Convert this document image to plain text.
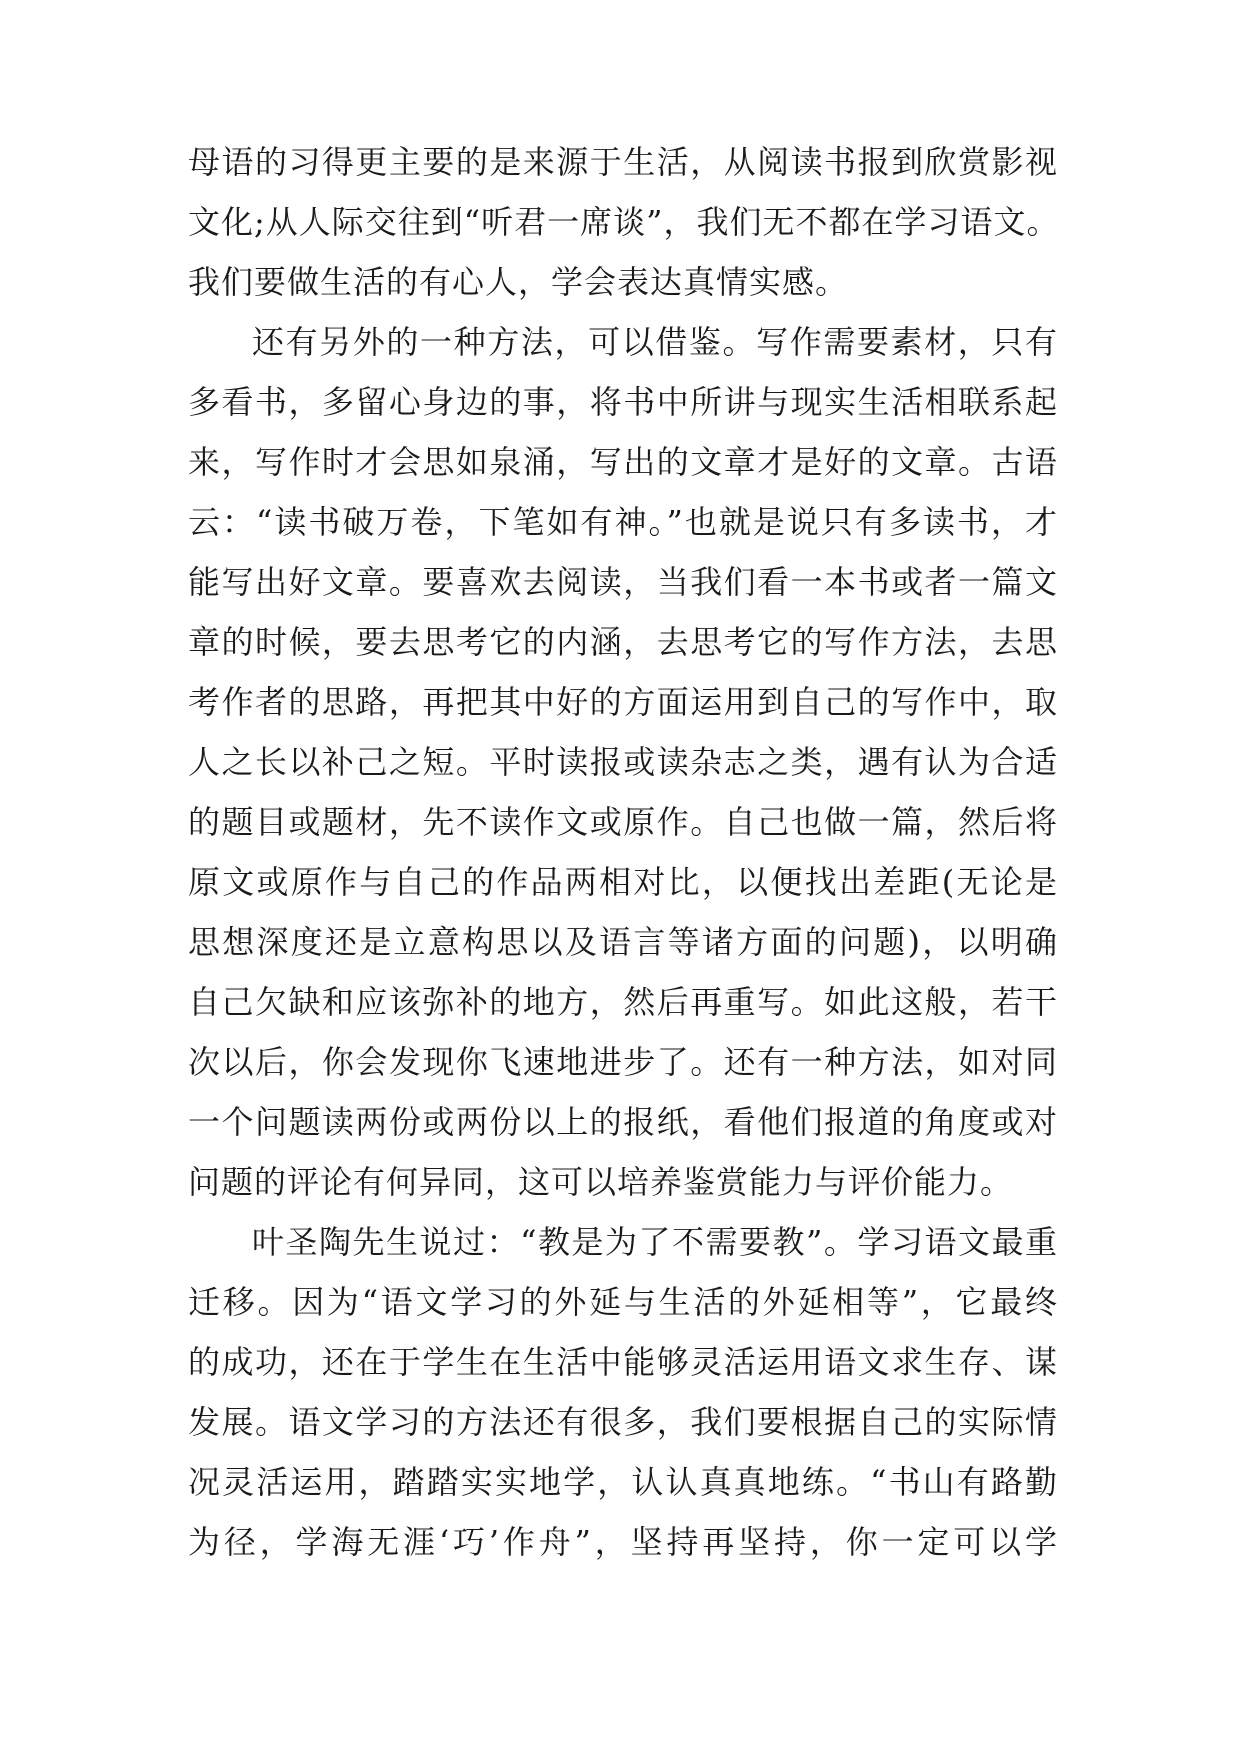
母语的习得更主要的是来源于生活，从阅读书报到欣赏影视
文化;从人际交往到“听君一席谈”，我们无不都在学习语文。
我们要做生活的有心人，学会表达真情实感。
还有另外的一种方法，可以借鉴。写作需要素材，只有
多看书，多留心身边的事，将书中所讲与现实生活相联系起
来，写作时才会思如泉涌，写出的文章才是好的文章。古语
云：“读书破万卷，下笔如有神。”也就是说只有多读书，才
能写出好文章。要喜欢去阅读，当我们看一本书或者一篇文
章的时候，要去思考它的内涵，去思考它的写作方法，去思
考作者的思路，再把其中好的方面运用到自己的写作中，取
人之长以补己之短。平时读报或读杂志之类，遇有认为合适
的题目或题材，先不读作文或原作。自己也做一篇，然后将
原文或原作与自己的作品两相对比，以便找出差距(无论是
思想深度还是立意构思以及语言等诸方面的问题)，以明确
自己欠缺和应该弥补的地方，然后再重写。如此这般，若干
次以后，你会发现你飞速地进步了。还有一种方法，如对同
一个问题读两份或两份以上的报纸，看他们报道的角度或对
问题的评论有何异同，这可以培养鉴赏能力与评价能力。
叶圣陶先生说过：“教是为了不需要教”。学习语文最重
迁移。因为“语文学习的外延与生活的外延相等”，它最终
的成功，还在于学生在生活中能够灵活运用语文求生存、谋
发展。语文学习的方法还有很多，我们要根据自己的实际情
况灵活运用，踏踏实实地学，认认真真地练。“书山有路勤
为径，学海无涯‘巧’作舟”，坚持再坚持，你一定可以学
